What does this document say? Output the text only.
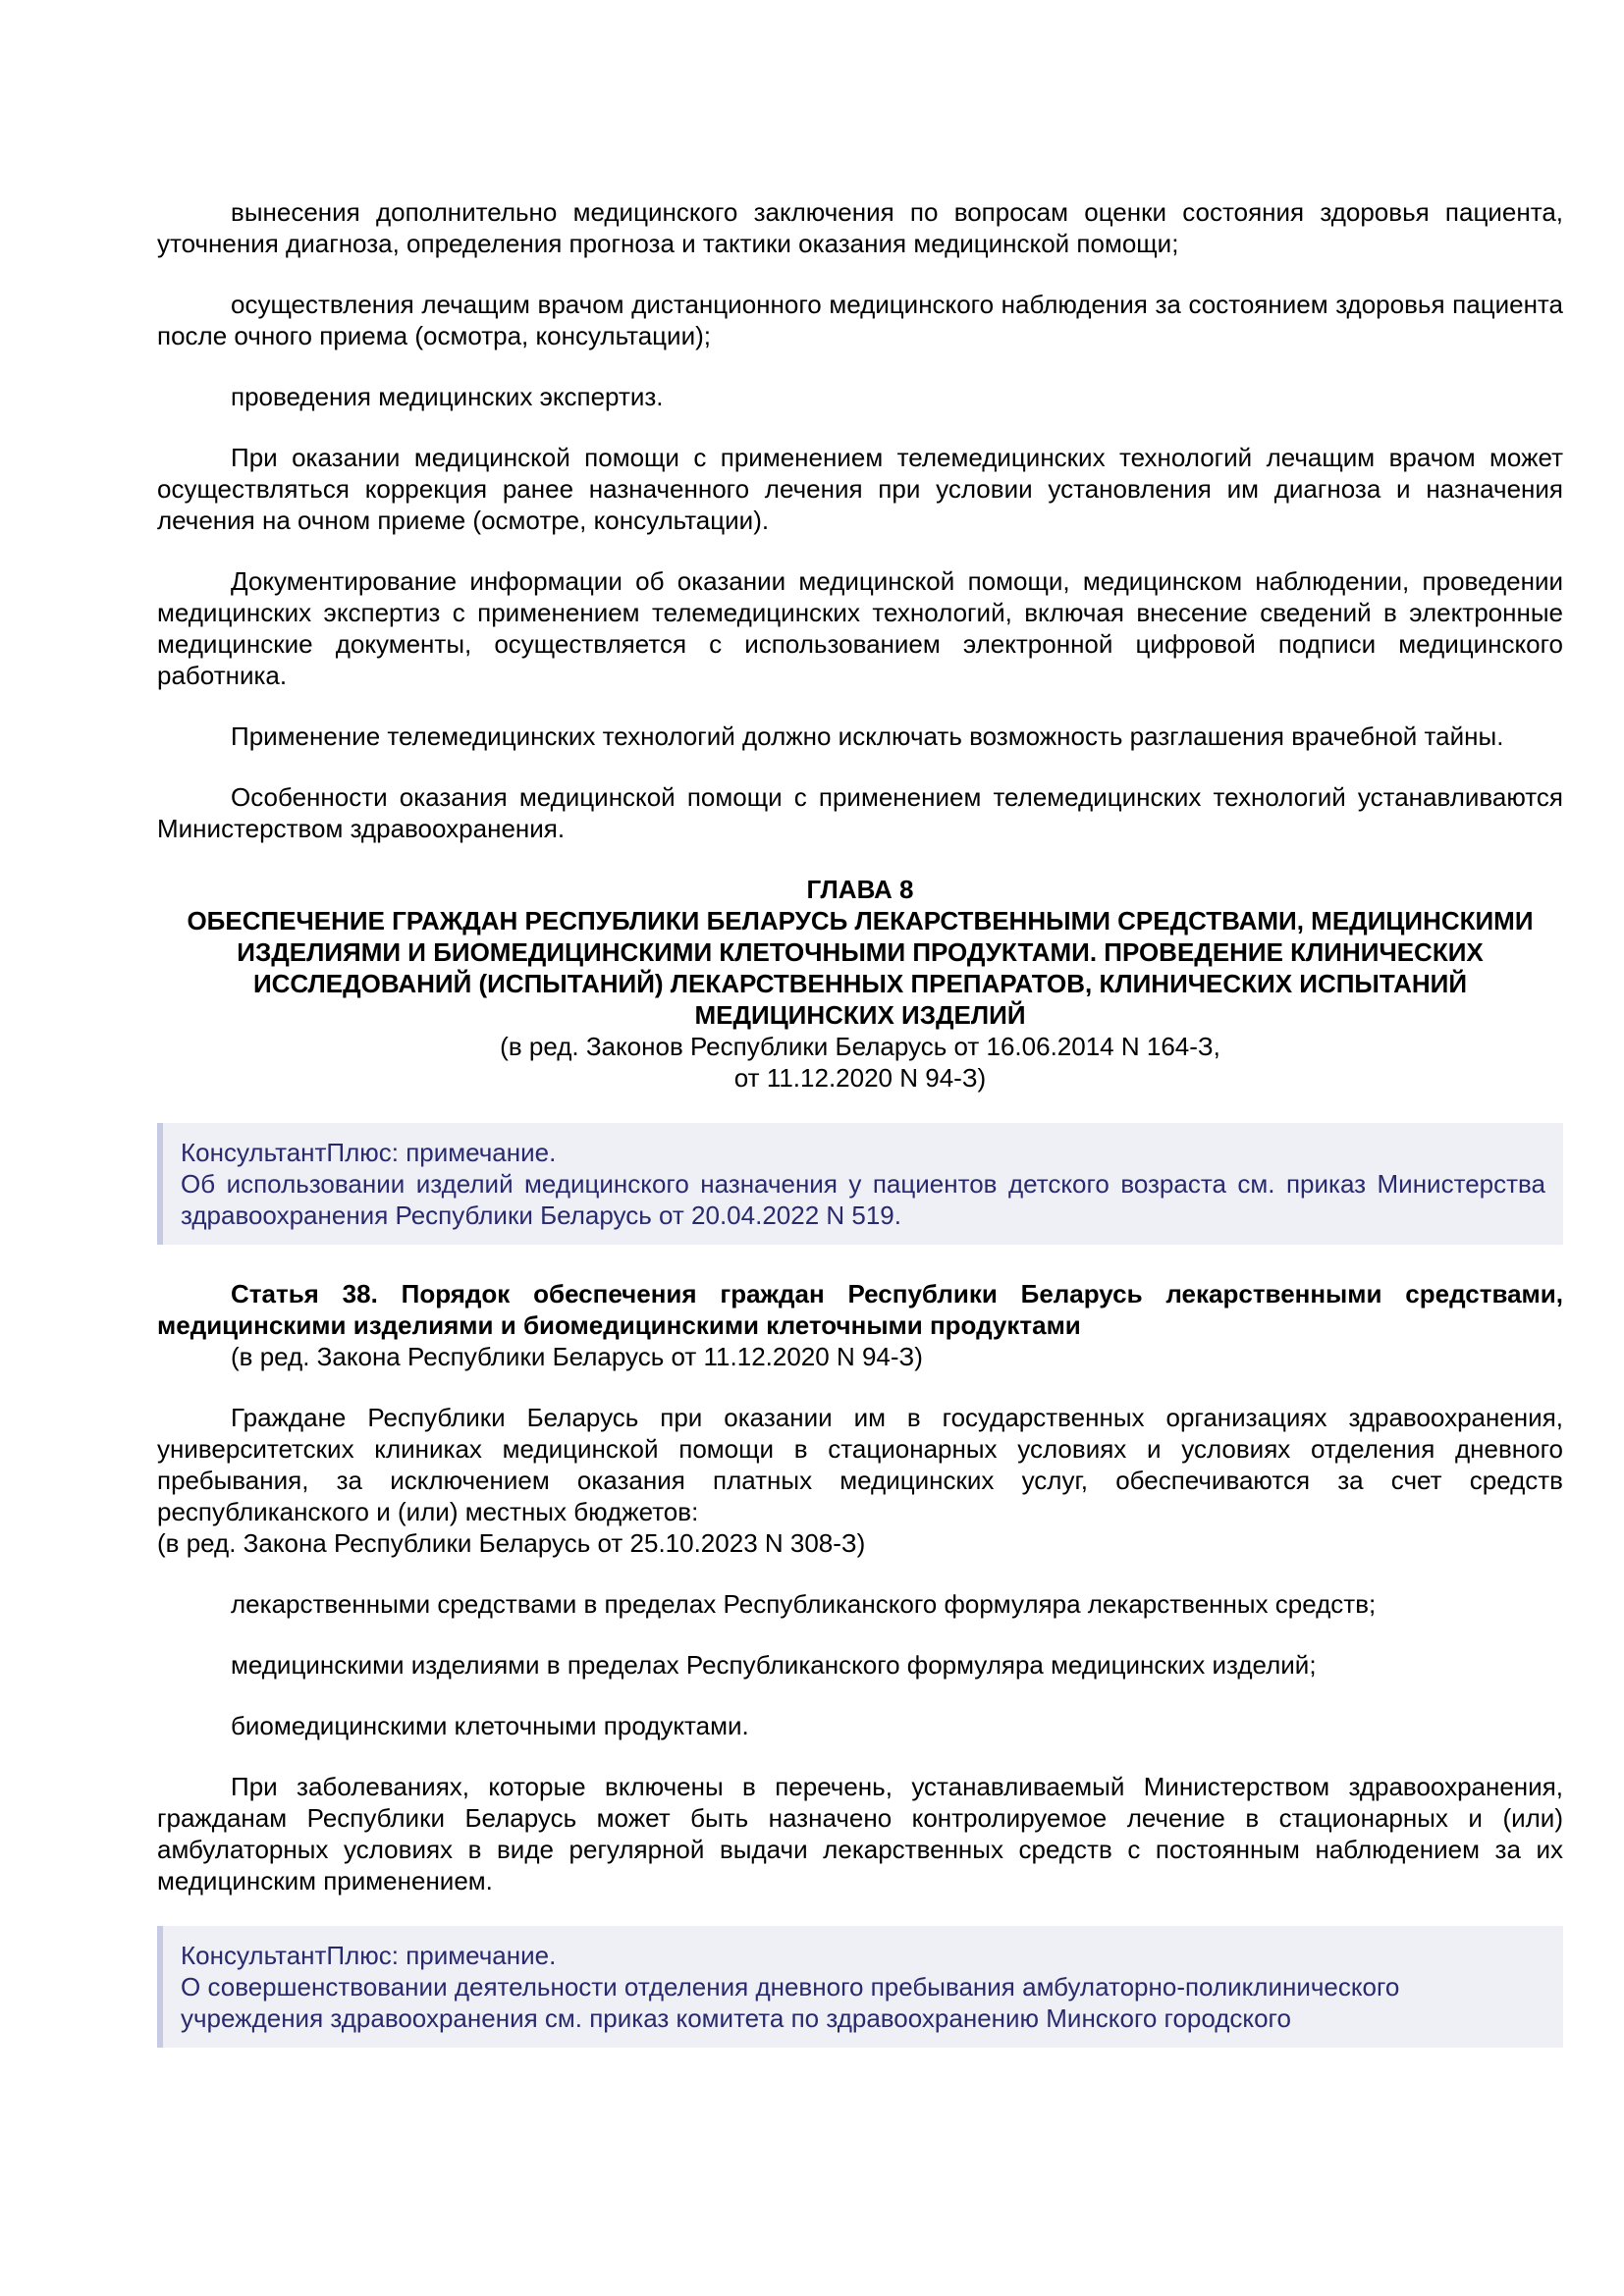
вынесения дополнительно медицинского заключения по вопросам оценки состояния здоровья пациента, уточнения диагноза, определения прогноза и тактики оказания медицинской помощи;

осуществления лечащим врачом дистанционного медицинского наблюдения за состоянием здоровья пациента после очного приема (осмотра, консультации);

проведения медицинских экспертиз.

При оказании медицинской помощи с применением телемедицинских технологий лечащим врачом может осуществляться коррекция ранее назначенного лечения при условии установления им диагноза и назначения лечения на очном приеме (осмотре, консультации).

Документирование информации об оказании медицинской помощи, медицинском наблюдении, проведении медицинских экспертиз с применением телемедицинских технологий, включая внесение сведений в электронные медицинские документы, осуществляется с использованием электронной цифровой подписи медицинского работника.

Применение телемедицинских технологий должно исключать возможность разглашения врачебной тайны.

Особенности оказания медицинской помощи с применением телемедицинских технологий устанавливаются Министерством здравоохранения.

ГЛАВА 8
ОБЕСПЕЧЕНИЕ ГРАЖДАН РЕСПУБЛИКИ БЕЛАРУСЬ ЛЕКАРСТВЕННЫМИ СРЕДСТВАМИ, МЕДИЦИНСКИМИ ИЗДЕЛИЯМИ И БИОМЕДИЦИНСКИМИ КЛЕТОЧНЫМИ ПРОДУКТАМИ. ПРОВЕДЕНИЕ КЛИНИЧЕСКИХ ИССЛЕДОВАНИЙ (ИСПЫТАНИЙ) ЛЕКАРСТВЕННЫХ ПРЕПАРАТОВ, КЛИНИЧЕСКИХ ИСПЫТАНИЙ МЕДИЦИНСКИХ ИЗДЕЛИЙ
(в ред. Законов Республики Беларусь от 16.06.2014 N 164-З,
от 11.12.2020 N 94-З)

КонсультантПлюс: примечание.

Об использовании изделий медицинского назначения у пациентов детского возраста см. приказ Министерства здравоохранения Республики Беларусь от 20.04.2022 N 519.

Статья 38. Порядок обеспечения граждан Республики Беларусь лекарственными средствами, медицинскими изделиями и биомедицинскими клеточными продуктами

(в ред. Закона Республики Беларусь от 11.12.2020 N 94-З)

Граждане Республики Беларусь при оказании им в государственных организациях здравоохранения, университетских клиниках медицинской помощи в стационарных условиях и условиях отделения дневного пребывания, за исключением оказания платных медицинских услуг, обеспечиваются за счет средств республиканского и (или) местных бюджетов:

(в ред. Закона Республики Беларусь от 25.10.2023 N 308-З)

лекарственными средствами в пределах Республиканского формуляра лекарственных средств;

медицинскими изделиями в пределах Республиканского формуляра медицинских изделий;

биомедицинскими клеточными продуктами.

При заболеваниях, которые включены в перечень, устанавливаемый Министерством здравоохранения, гражданам Республики Беларусь может быть назначено контролируемое лечение в стационарных и (или) амбулаторных условиях в виде регулярной выдачи лекарственных средств с постоянным наблюдением за их медицинским применением.

КонсультантПлюс: примечание.

О совершенствовании деятельности отделения дневного пребывания амбулаторно-поликлинического

учреждения здравоохранения см. приказ комитета по здравоохранению Минского городского
